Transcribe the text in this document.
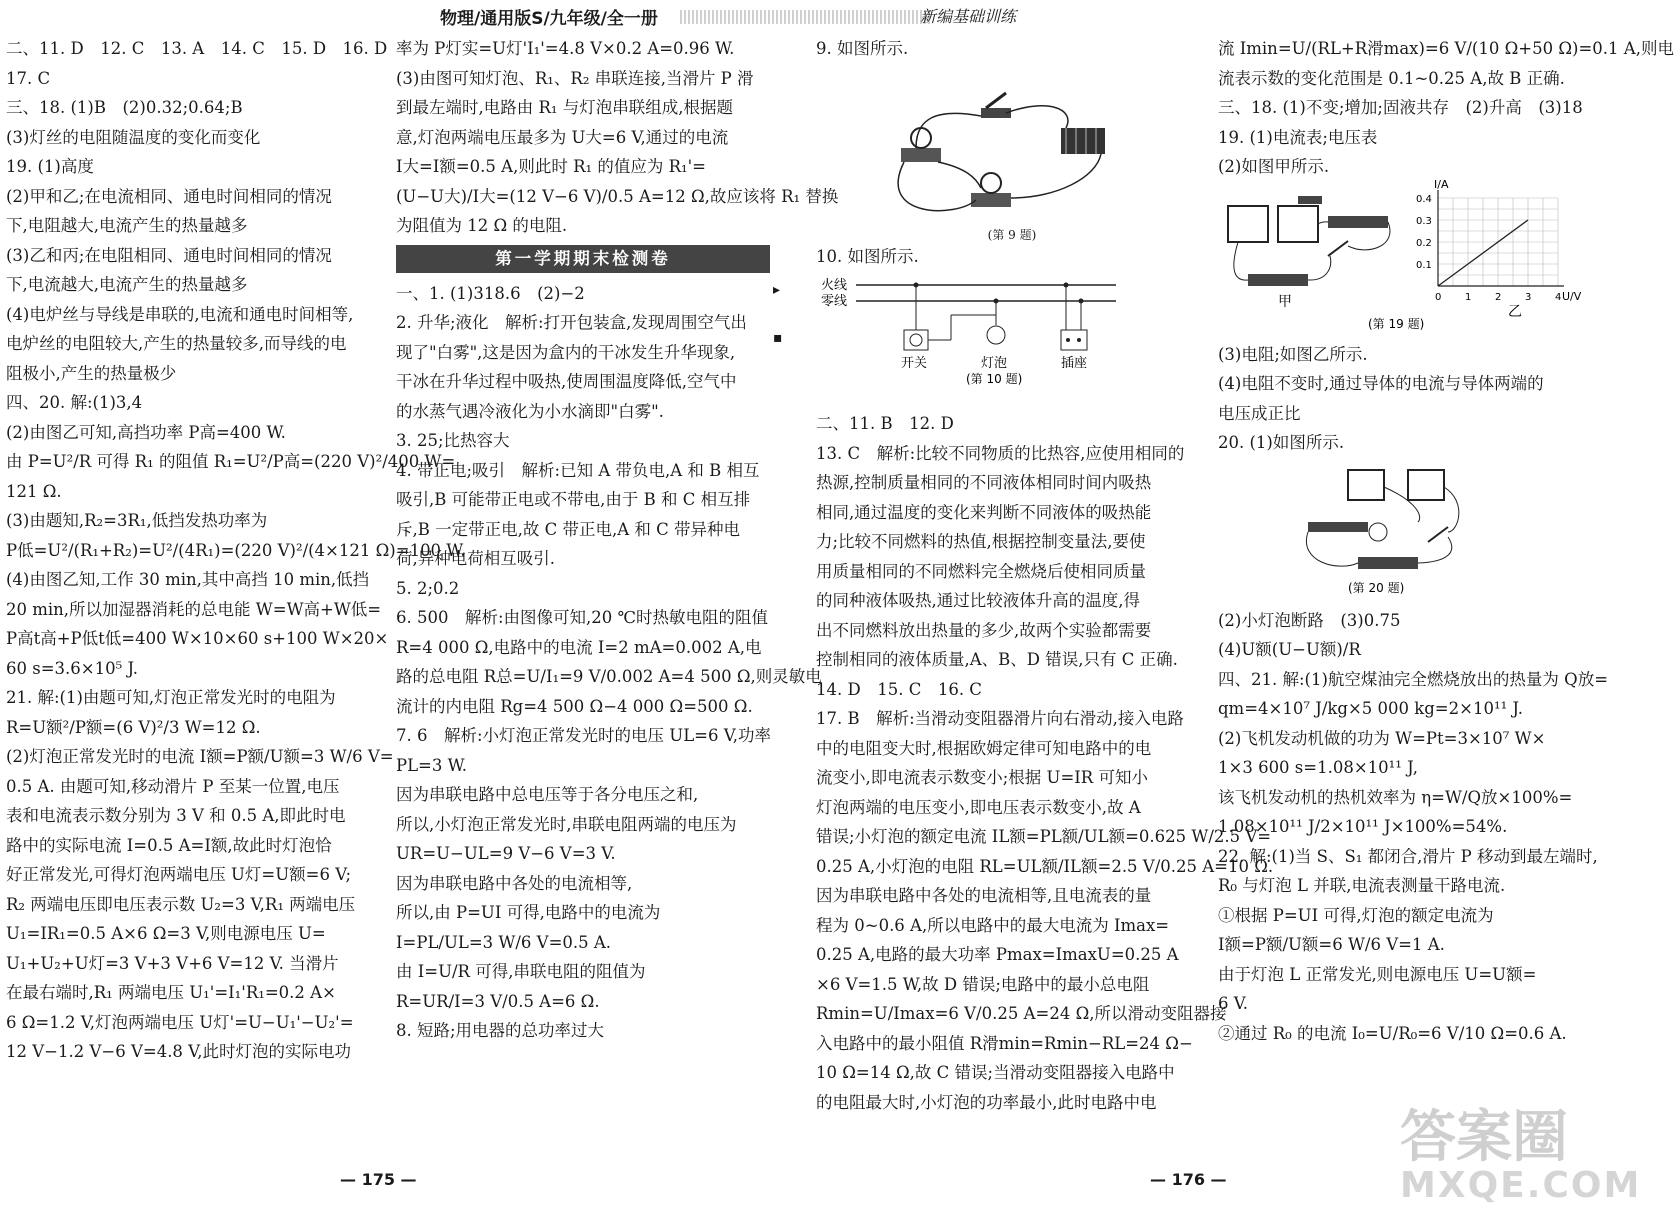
物理/通用版S/九年级/全一册	新编基础训练

二、11. D　12. C　13. A　14. C　15. D　16. D

17. C

三、18. (1)B　(2)0.32;0.64;B

(3)灯丝的电阻随温度的变化而变化

19. (1)高度

(2)甲和乙;在电流相同、通电时间相同的情况

下,电阻越大,电流产生的热量越多

(3)乙和丙;在电阻相同、通电时间相同的情况

下,电流越大,电流产生的热量越多

(4)电炉丝与导线是串联的,电流和通电时间相等,

电炉丝的电阻较大,产生的热量较多,而导线的电

阻极小,产生的热量极少

四、20. 解:(1)3,4

(2)由图乙可知,高挡功率 P高=400 W.

由 P=U²/R 可得 R₁ 的阻值 R₁=U²/P高=(220 V)²/400 W=

121 Ω.

(3)由题知,R₂=3R₁,低挡发热功率为

P低=U²/(R₁+R₂)=U²/(4R₁)=(220 V)²/(4×121 Ω)=100 W.

(4)由图乙知,工作 30 min,其中高挡 10 min,低挡

20 min,所以加湿器消耗的总电能 W=W高+W低=

P高t高+P低t低=400 W×10×60 s+100 W×20×

60 s=3.6×10⁵ J.

21. 解:(1)由题可知,灯泡正常发光时的电阻为

R=U额²/P额=(6 V)²/3 W=12 Ω.

(2)灯泡正常发光时的电流 I额=P额/U额=3 W/6 V=

0.5 A. 由题可知,移动滑片 P 至某一位置,电压

表和电流表示数分别为 3 V 和 0.5 A,即此时电

路中的实际电流 I=0.5 A=I额,故此时灯泡恰

好正常发光,可得灯泡两端电压 U灯=U额=6 V;

R₂ 两端电压即电压表示数 U₂=3 V,R₁ 两端电压

U₁=IR₁=0.5 A×6 Ω=3 V,则电源电压 U=

U₁+U₂+U灯=3 V+3 V+6 V=12 V. 当滑片

在最右端时,R₁ 两端电压 U₁'=I₁'R₁=0.2 A×

6 Ω=1.2 V,灯泡两端电压 U灯'=U−U₁'−U₂'=

12 V−1.2 V−6 V=4.8 V,此时灯泡的实际电功

率为 P灯实=U灯'I₁'=4.8 V×0.2 A=0.96 W.

(3)由图可知灯泡、R₁、R₂ 串联连接,当滑片 P 滑

到最左端时,电路由 R₁ 与灯泡串联组成,根据题

意,灯泡两端电压最多为 U大=6 V,通过的电流

I大=I额=0.5 A,则此时 R₁ 的值应为 R₁'=

(U−U大)/I大=(12 V−6 V)/0.5 A=12 Ω,故应该将 R₁ 替换

为阻值为 12 Ω 的电阻.

第一学期期末检测卷

一、1. (1)318.6　(2)−2

2. 升华;液化　解析:打开包装盒,发现周围空气出

现了"白雾",这是因为盒内的干冰发生升华现象,

干冰在升华过程中吸热,使周围温度降低,空气中

的水蒸气遇冷液化为小水滴即"白雾".

3. 25;比热容大

4. 带正电;吸引　解析:已知 A 带负电,A 和 B 相互

吸引,B 可能带正电或不带电,由于 B 和 C 相互排

斥,B 一定带正电,故 C 带正电,A 和 C 带异种电

荷,异种电荷相互吸引.

5. 2;0.2

6. 500　解析:由图像可知,20 ℃时热敏电阻的阻值

R=4 000 Ω,电路中的电流 I=2 mA=0.002 A,电

路的总电阻 R总=U/I₁=9 V/0.002 A=4 500 Ω,则灵敏电

流计的内电阻 Rg=4 500 Ω−4 000 Ω=500 Ω.

7. 6　解析:小灯泡正常发光时的电压 UL=6 V,功率

PL=3 W.

因为串联电路中总电压等于各分电压之和,

所以,小灯泡正常发光时,串联电阻两端的电压为

UR=U−UL=9 V−6 V=3 V.

因为串联电路中各处的电流相等,

所以,由 P=UI 可得,电路中的电流为

I=PL/UL=3 W/6 V=0.5 A.

由 I=U/R 可得,串联电阻的阻值为

R=UR/I=3 V/0.5 A=6 Ω.

8. 短路;用电器的总功率过大

▸
▪

9. 如图所示.

(第 9 题)

10. 如图所示.

火线
零线
开关	灯泡	插座
(第 10 题)

二、11. B　12. D

13. C　解析:比较不同物质的比热容,应使用相同的

热源,控制质量相同的不同液体相同时间内吸热

相同,通过温度的变化来判断不同液体的吸热能

力;比较不同燃料的热值,根据控制变量法,要使

用质量相同的不同燃料完全燃烧后使相同质量

的同种液体吸热,通过比较液体升高的温度,得

出不同燃料放出热量的多少,故两个实验都需要

控制相同的液体质量,A、B、D 错误,只有 C 正确.

14. D　15. C　16. C

17. B　解析:当滑动变阻器滑片向右滑动,接入电路

中的电阻变大时,根据欧姆定律可知电路中的电

流变小,即电流表示数变小;根据 U=IR 可知小

灯泡两端的电压变小,即电压表示数变小,故 A

错误;小灯泡的额定电流 IL额=PL额/UL额=0.625 W/2.5 V=

0.25 A,小灯泡的电阻 RL=UL额/IL额=2.5 V/0.25 A=10 Ω.

因为串联电路中各处的电流相等,且电流表的量

程为 0~0.6 A,所以电路中的最大电流为 Imax=

0.25 A,电路的最大功率 Pmax=ImaxU=0.25 A

×6 V=1.5 W,故 D 错误;电路中的最小总电阻

Rmin=U/Imax=6 V/0.25 A=24 Ω,所以滑动变阻器接

入电路中的最小阻值 R滑min=Rmin−RL=24 Ω−

10 Ω=14 Ω,故 C 错误;当滑动变阻器接入电路中

的电阻最大时,小灯泡的功率最小,此时电路中电

流 Imin=U/(RL+R滑max)=6 V/(10 Ω+50 Ω)=0.1 A,则电

流表示数的变化范围是 0.1~0.25 A,故 B 正确.

三、18. (1)不变;增加;固液共存　(2)升高　(3)18

19. (1)电流表;电压表

(2)如图甲所示.

甲
I/A
U/V
0.4
0.3
0.2
0.1
0 1 2 3 4
乙
(第 19 题)

(3)电阻;如图乙所示.

(4)电阻不变时,通过导体的电流与导体两端的

电压成正比

20. (1)如图所示.

(第 20 题)

(2)小灯泡断路　(3)0.75

(4)U额(U−U额)/R

四、21. 解:(1)航空煤油完全燃烧放出的热量为 Q放=

qm=4×10⁷ J/kg×5 000 kg=2×10¹¹ J.

(2)飞机发动机做的功为 W=Pt=3×10⁷ W×

1×3 600 s=1.08×10¹¹ J,

该飞机发动机的热机效率为 η=W/Q放×100%=

1.08×10¹¹ J/2×10¹¹ J×100%=54%.

22. 解:(1)当 S、S₁ 都闭合,滑片 P 移动到最左端时,

R₀ 与灯泡 L 并联,电流表测量干路电流.

①根据 P=UI 可得,灯泡的额定电流为

I额=P额/U额=6 W/6 V=1 A.

由于灯泡 L 正常发光,则电源电压 U=U额=

6 V.

②通过 R₀ 的电流 I₀=U/R₀=6 V/10 Ω=0.6 A.

— 175 —	— 176 —
答案圈
MXQE.COM
